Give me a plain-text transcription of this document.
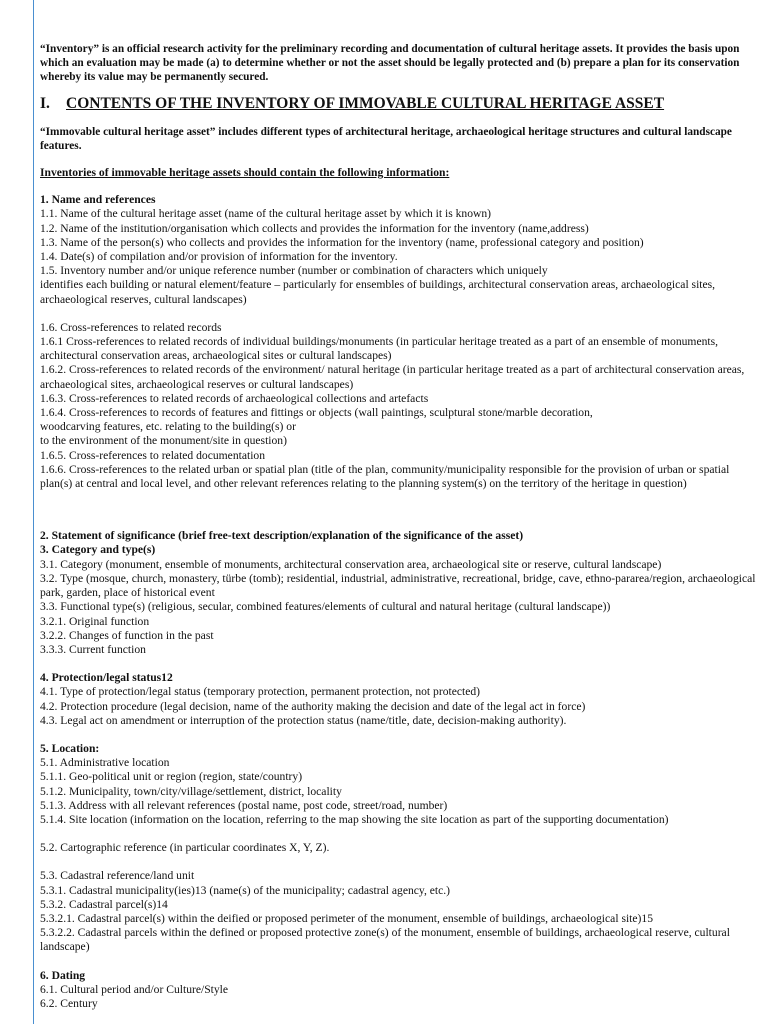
“Inventory” is an official research activity for the preliminary recording and documentation of cultural heritage assets. It provides the basis upon which an evaluation may be made (a) to determine whether or not the asset should be legally protected and (b) prepare a plan for its conservation whereby its value may be permanently secured.

I. CONTENTS OF THE INVENTORY OF IMMOVABLE CULTURAL HERITAGE ASSET

“Immovable cultural heritage asset” includes different types of architectural heritage, archaeological heritage structures and cultural landscape features.

Inventories of immovable heritage assets should contain the following information:

1. Name and references

1.1. Name of the cultural heritage asset (name of the cultural heritage asset by which it is known)

1.2. Name of the institution/organisation which collects and provides the information for the inventory (name,address)

1.3. Name of the person(s) who collects and provides the information for the inventory (name, professional category and position)

1.4. Date(s) of compilation and/or provision of information for the inventory.

1.5. Inventory number and/or unique reference number (number or combination of characters which uniquely

identifies each building or natural element/feature – particularly for ensembles of buildings, architectural conservation areas, archaeological sites,

archaeological reserves, cultural landscapes)

1.6. Cross-references to related records

1.6.1 Cross-references to related records of individual buildings/monuments (in particular heritage treated as a part of an ensemble of monuments,

architectural conservation areas, archaeological sites or cultural landscapes)

1.6.2. Cross-references to related records of the environment/ natural heritage (in particular heritage treated as a part of architectural conservation areas,

archaeological sites, archaeological reserves or cultural landscapes)

1.6.3. Cross-references to related records of archaeological collections and artefacts

1.6.4. Cross-references to records of features and fittings or objects (wall paintings, sculptural stone/marble decoration,

woodcarving features, etc. relating to the building(s) or

to the environment of the monument/site in question)

1.6.5. Cross-references to related documentation

1.6.6. Cross-references to the related urban or spatial plan (title of the plan, community/municipality responsible for the provision of urban or spatial

plan(s) at central and local level, and other relevant references relating to the planning system(s) on the territory of the heritage in question)

2. Statement of significance (brief free-text description/explanation of the significance of the asset)

3. Category and type(s)

3.1. Category (monument, ensemble of monuments, architectural conservation area, archaeological site or reserve, cultural landscape)

3.2. Type (mosque, church, monastery, türbe (tomb); residential, industrial, administrative, recreational, bridge, cave, ethno-pararea/region, archaeological

park, garden, place of historical event

3.3. Functional type(s) (religious, secular, combined features/elements of cultural and natural heritage (cultural landscape))

3.2.1. Original function

3.2.2. Changes of function in the past

3.3.3. Current function

4. Protection/legal status12

4.1. Type of protection/legal status (temporary protection, permanent protection, not protected)

4.2. Protection procedure (legal decision, name of the authority making the decision and date of the legal act in force)

4.3. Legal act on amendment or interruption of the protection status (name/title, date, decision-making authority).

5. Location:

5.1. Administrative location

5.1.1. Geo-political unit or region (region, state/country)

5.1.2. Municipality, town/city/village/settlement, district, locality

5.1.3. Address with all relevant references (postal name, post code, street/road, number)

5.1.4. Site location (information on the location, referring to the map showing the site location as part of the supporting documentation)

5.2. Cartographic reference (in particular coordinates X, Y, Z).

5.3. Cadastral reference/land unit

5.3.1. Cadastral municipality(ies)13 (name(s) of the municipality; cadastral agency, etc.)

5.3.2. Cadastral parcel(s)14

5.3.2.1. Cadastral parcel(s) within the deified or proposed perimeter of the monument, ensemble of buildings, archaeological site)15

5.3.2.2. Cadastral parcels within the defined or proposed protective zone(s) of the monument, ensemble of buildings, archaeological reserve, cultural

landscape)

6. Dating

6.1. Cultural period and/or Culture/Style

6.2. Century
